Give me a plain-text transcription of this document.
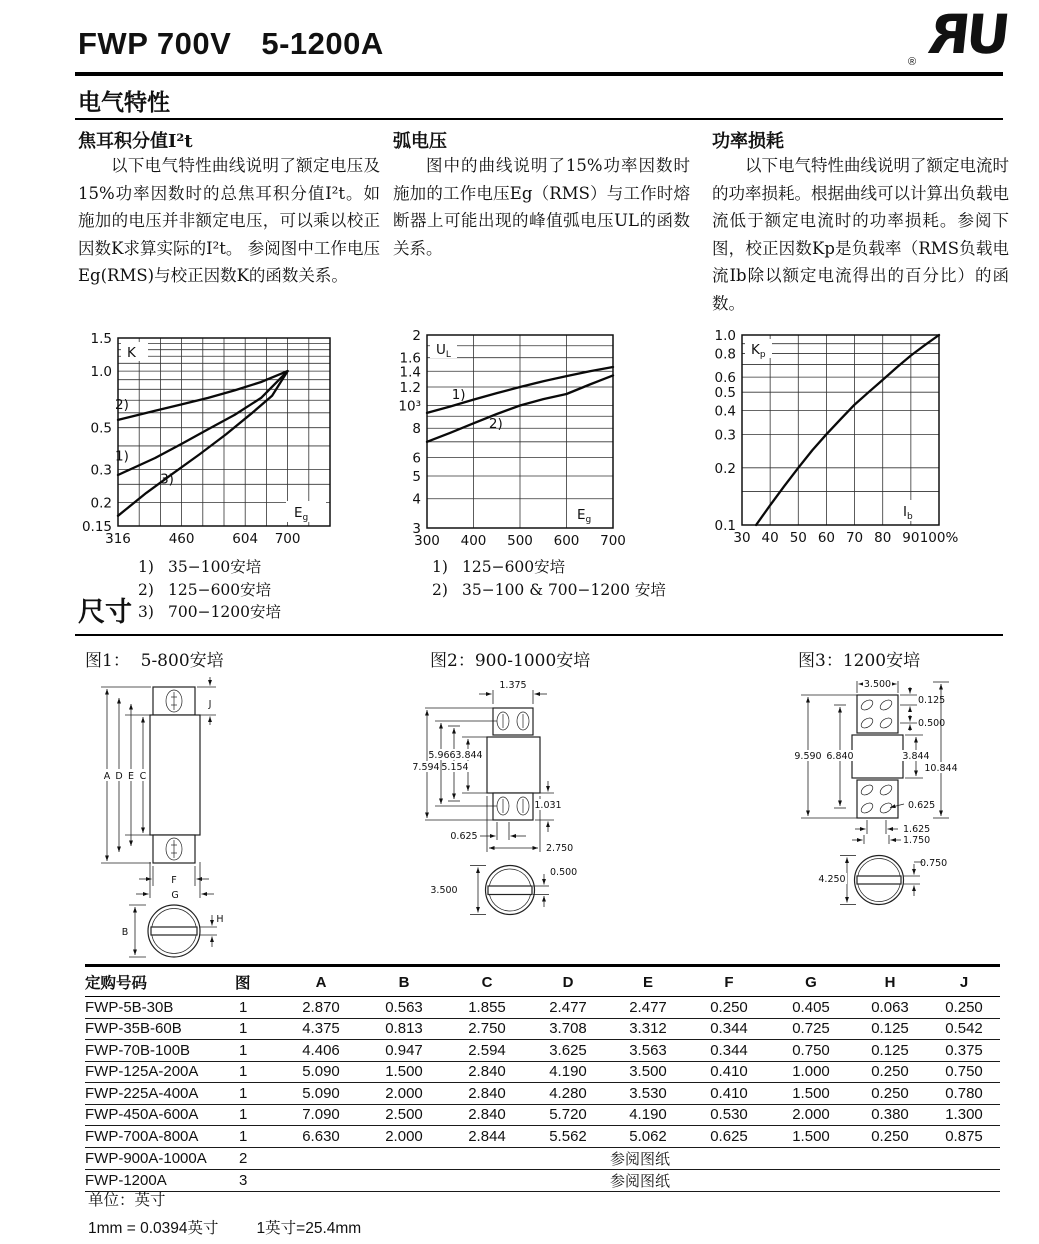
FWP 700V 5-1200A	UR
®
电气特性
焦耳积分值I²t
以下电气特性曲线说明了额定电压及15%功率因数时的总焦耳积分值I²t。如施加的电压并非额定电压，可以乘以校正因数K求算实际的I²t。 参阅图中工作电压Eg(RMS)与校正因数K的函数关系。
弧电压
图中的曲线说明了15%功率因数时施加的工作电压Eg（RMS）与工作时熔断器上可能出现的峰值弧电压UL的函数关系。
功率损耗
以下电气特性曲线说明了额定电流时的功率损耗。根据曲线可以计算出负载电流低于额定电流时的功率损耗。参阅下图，校正因数Kp是负载率（RMS负载电流Ib除以额定电流得出的百分比）的函数。
K
$E_g$
316	460	604 700
1.5
1.0
0.5
0.3
0.2
0.15
1)
2)
3)
$U_L$
$E_g$
300 400 500 600 700
2
1.6
1.4
1.2
10³
8
6
5
4
3
1)
2)
$K_p$
$I_b$
30 40 50 60 70 80 90 100%
1.0
0.8
0.6
0.5
0.4
0.3
0.2
0.1
1) 35−100安培
2) 125−600安培
3) 700−1200安培
1) 125−600安培
2) 35−100 & 700−1200 安培
尺寸
图1：  5-800安培	图2：900-1000安培	图3：1200安培
A D E C
J
F
G
B
H
1.375
5.966 3.844
7.594 5.154
1.031
0.625
2.750
3.500
0.500
3.500
0.125
0.500
9.590 6.840	3.844
10.844
0.625
1.625
1.750
4.250
0.750
定购号码	图	A	B	C	D	E	F	G	H	J
FWP-5B-30B	1	2.870	0.563	1.855	2.477	2.477	0.250	0.405	0.063	0.250
FWP-35B-60B	1	4.375	0.813	2.750	3.708	3.312	0.344	0.725	0.125	0.542
FWP-70B-100B	1	4.406	0.947	2.594	3.625	3.563	0.344	0.750	0.125	0.375
FWP-125A-200A	1	5.090	1.500	2.840	4.190	3.500	0.410	1.000	0.250	0.750
FWP-225A-400A	1	5.090	2.000	2.840	4.280	3.530	0.410	1.500	0.250	0.780
FWP-450A-600A	1	7.090	2.500	2.840	5.720	4.190	0.530	2.000	0.380	1.300
FWP-700A-800A	1	6.630	2.000	2.844	5.562	5.062	0.625	1.500	0.250	0.875
FWP-900A-1000A	2	参阅图纸								
FWP-1200A	3	参阅图纸								
单位：英寸
1mm = 0.0394英寸 1英寸=25.4mm
